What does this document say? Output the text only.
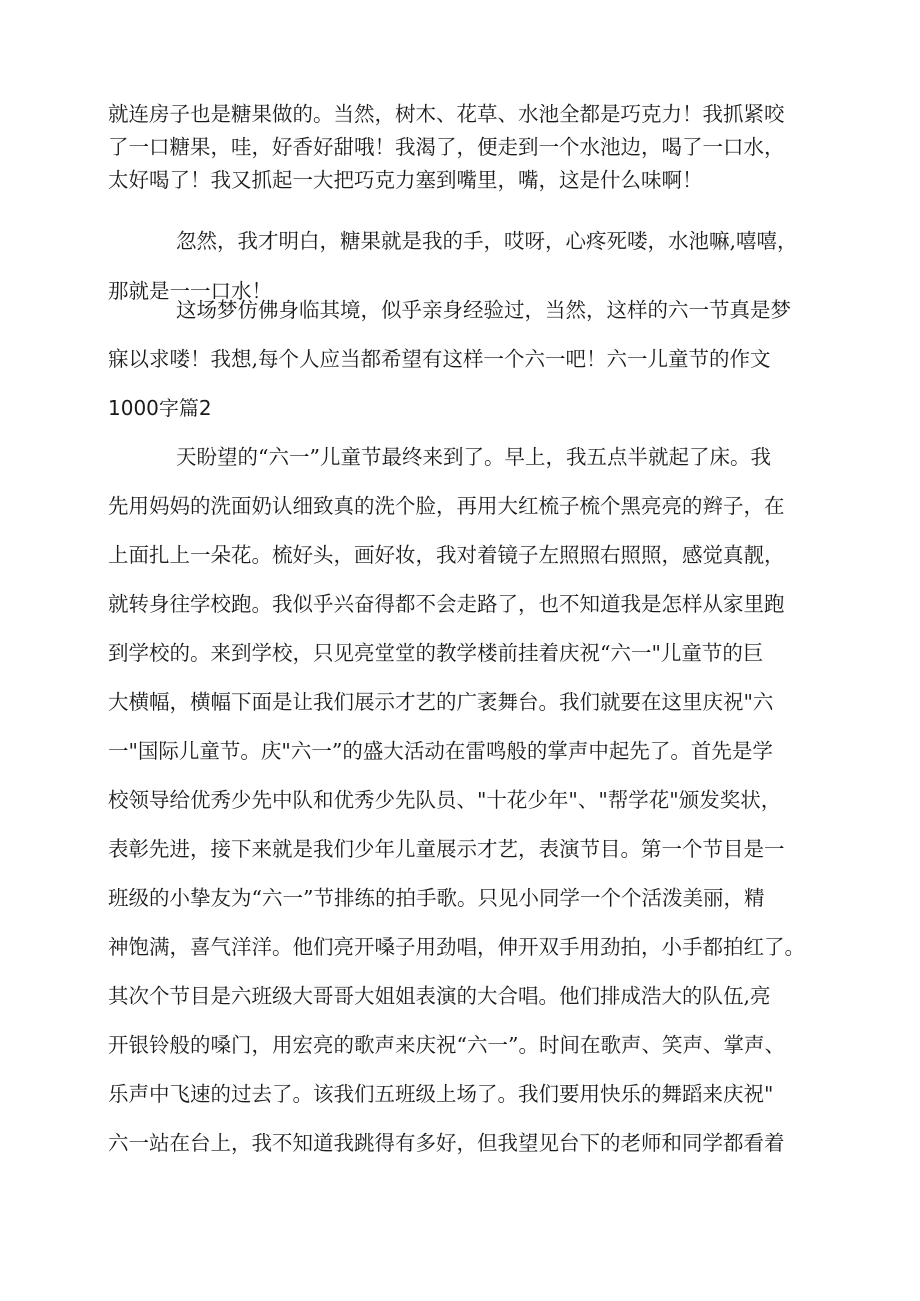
就连房子也是糖果做的。当然，树木、花草、水池全都是巧克力！我抓紧咬
了一口糖果，哇，好香好甜哦！我渴了，便走到一个水池边，喝了一口水，
太好喝了！我又抓起一大把巧克力塞到嘴里，嘴，这是什么味啊！
忽然，我才明白，糖果就是我的手，哎呀，心疼死喽，水池嘛,嘻嘻，
那就是一一口水！
这场梦仿佛身临其境，似乎亲身经验过，当然，这样的六一节真是梦
寐以求喽！我想,每个人应当都希望有这样一个六一吧！六一儿童节的作文
1000字篇2
天盼望的“六一”儿童节最终来到了。早上，我五点半就起了床。我
先用妈妈的洗面奶认细致真的洗个脸，再用大红梳子梳个黑亮亮的辫子，在
上面扎上一朵花。梳好头，画好妆，我对着镜子左照照右照照，感觉真靓，
就转身往学校跑。我似乎兴奋得都不会走路了，也不知道我是怎样从家里跑
到学校的。来到学校，只见亮堂堂的教学楼前挂着庆祝“六一"儿童节的巨
大横幅，横幅下面是让我们展示才艺的广袤舞台。我们就要在这里庆祝"六
一"国际儿童节。庆"六一”的盛大活动在雷鸣般的掌声中起先了。首先是学
校领导给优秀少先中队和优秀少先队员、"十花少年"、"帮学花"颁发奖状，
表彰先进，接下来就是我们少年儿童展示才艺，表演节目。第一个节目是一
班级的小挚友为“六一”节排练的拍手歌。只见小同学一个个活泼美丽，精
神饱满，喜气洋洋。他们亮开嗓子用劲唱，伸开双手用劲拍，小手都拍红了。
其次个节目是六班级大哥哥大姐姐表演的大合唱。他们排成浩大的队伍,亮
开银铃般的嗓门，用宏亮的歌声来庆祝“六一”。时间在歌声、笑声、掌声、
乐声中飞速的过去了。该我们五班级上场了。我们要用快乐的舞蹈来庆祝"
六一站在台上，我不知道我跳得有多好，但我望见台下的老师和同学都看着
